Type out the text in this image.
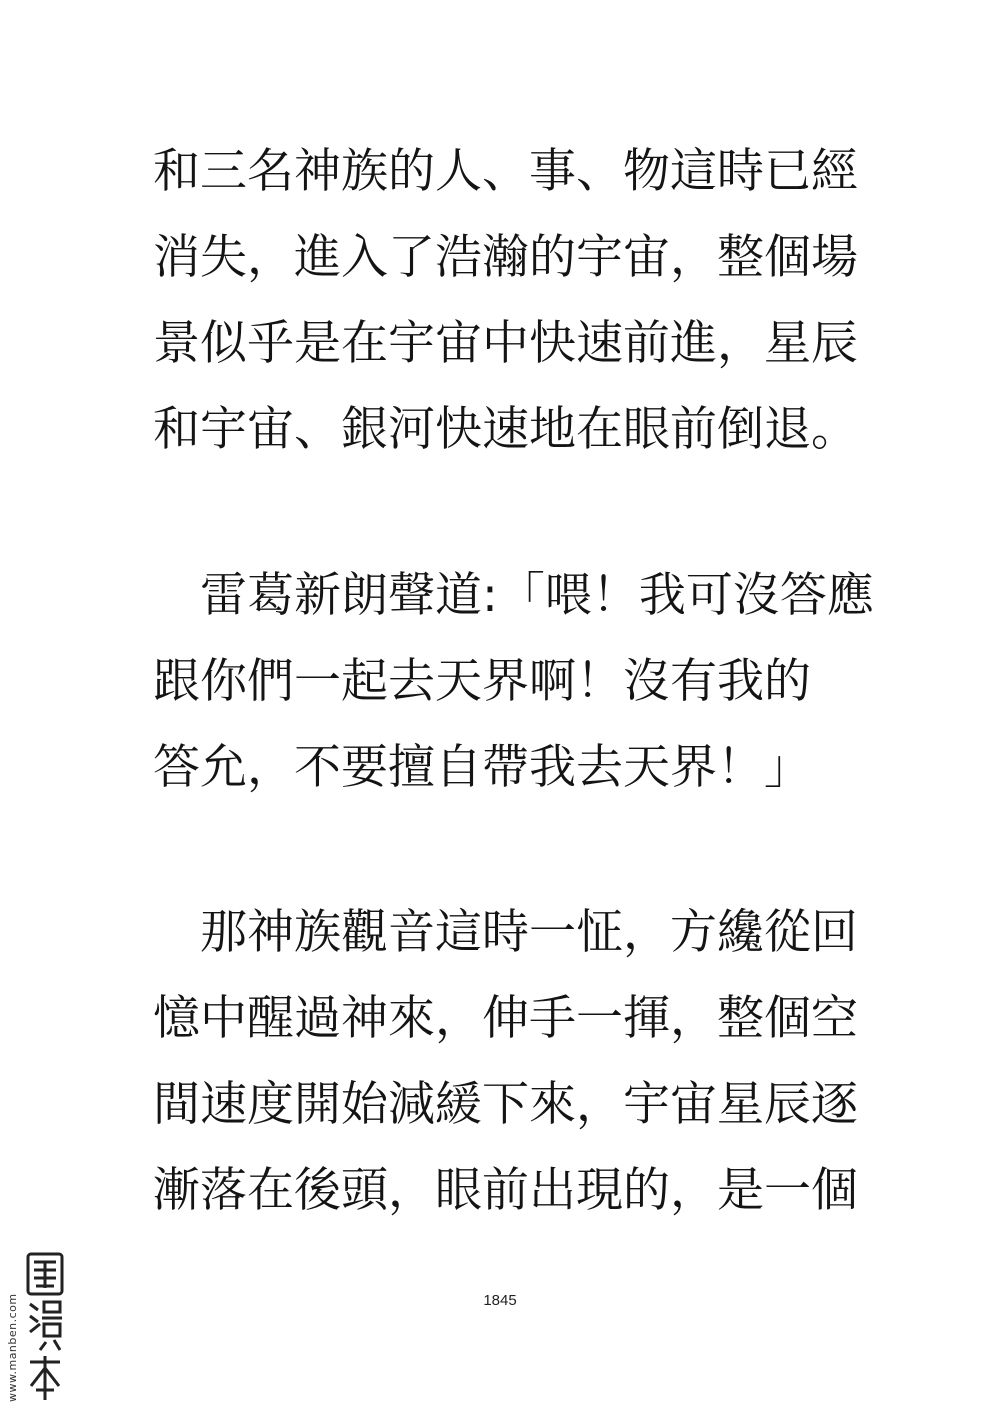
和三名神族的人、事、物這時已經
消失，進入了浩瀚的宇宙，整個場
景似乎是在宇宙中快速前進，星辰
和宇宙、銀河快速地在眼前倒退。
　雷葛新朗聲道:「喂！我可沒答應
跟你們一起去天界啊！沒有我的
答允，不要擅自帶我去天界！」
　那神族觀音這時一怔，方纔從回
憶中醒過神來，伸手一揮，整個空
間速度開始減緩下來，宇宙星辰逐
漸落在後頭，眼前出現的，是一個
1845
www.manben.com
